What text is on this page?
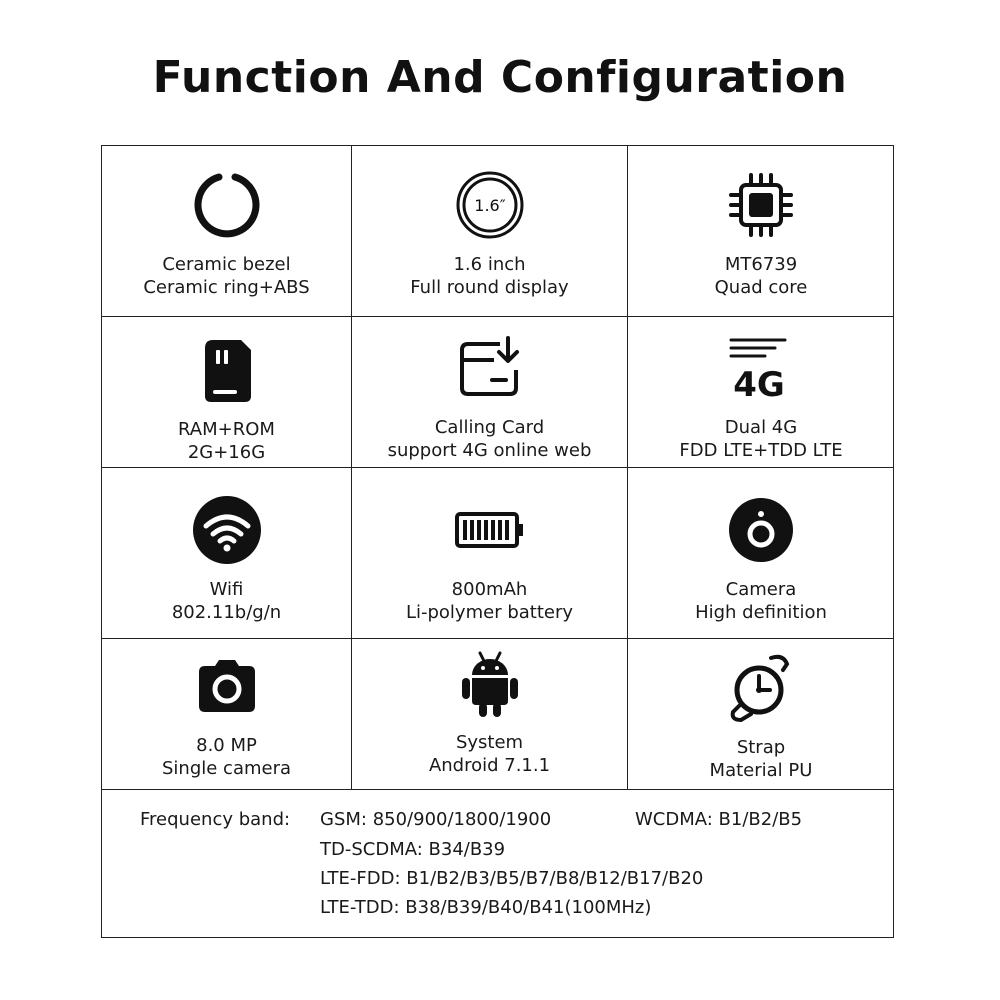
Function And Configuration
Ceramic bezel
Ceramic ring+ABS
1.6″
1.6 inch
Full round display
MT6739
Quad core
RAM+ROM
2G+16G
Calling Card
support 4G online web
4G
Dual 4G
FDD LTE+TDD LTE
Wifi
802.11b/g/n
800mAh
Li-polymer battery
Camera
High definition
8.0 MP
Single camera
System
Android 7.1.1
Strap
Material PU
Frequency band: GSM: 850/900/1800/1900	WCDMA: B1/B2/B5
TD-SCDMA: B34/B39
LTE-FDD: B1/B2/B3/B5/B7/B8/B12/B17/B20
LTE-TDD: B38/B39/B40/B41(100MHz)
